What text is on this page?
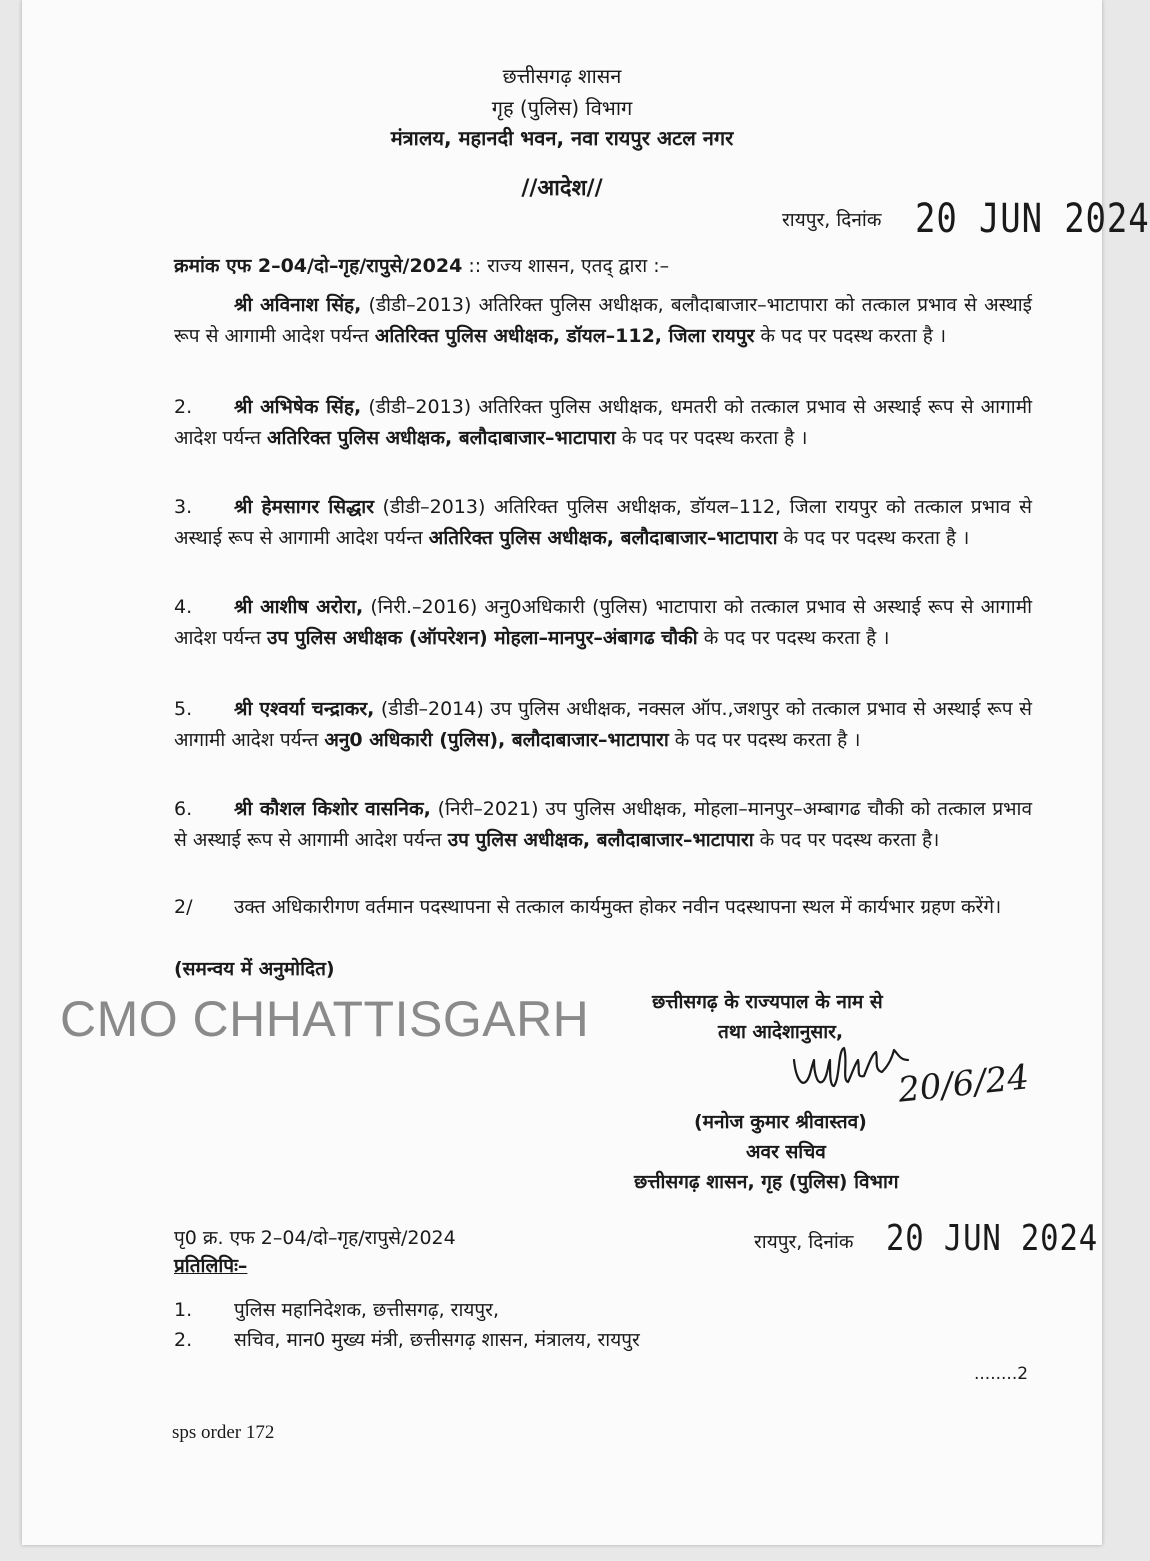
छत्तीसगढ़ शासन
गृह (पुलिस) विभाग
मंत्रालय, महानदी भवन, नवा रायपुर अटल नगर
//आदेश//
रायपुर, दिनांक 20 JUN 2024
क्रमांक एफ 2–04/दो–गृह/रापुसे/2024 :: राज्य शासन, एतद् द्वारा :–
श्री अविनाश सिंह, (डीडी–2013) अतिरिक्त पुलिस अधीक्षक, बलौदाबाजार–भाटापारा को तत्काल प्रभाव से अस्थाई रूप से आगामी आदेश पर्यन्त अतिरिक्त पुलिस अधीक्षक, डॉयल–112, जिला रायपुर के पद पर पदस्थ करता है ।
2. श्री अभिषेक सिंह, (डीडी–2013) अतिरिक्त पुलिस अधीक्षक, धमतरी को तत्काल प्रभाव से अस्थाई रूप से आगामी आदेश पर्यन्त अतिरिक्त पुलिस अधीक्षक, बलौदाबाजार–भाटापारा के पद पर पदस्थ करता है ।
3. श्री हेमसागर सिद्धार (डीडी–2013) अतिरिक्त पुलिस अधीक्षक, डॉयल–112, जिला रायपुर को तत्काल प्रभाव से अस्थाई रूप से आगामी आदेश पर्यन्त अतिरिक्त पुलिस अधीक्षक, बलौदाबाजार–भाटापारा के पद पर पदस्थ करता है ।
4. श्री आशीष अरोरा, (निरी.–2016) अनु0अधिकारी (पुलिस) भाटापारा को तत्काल प्रभाव से अस्थाई रूप से आगामी आदेश पर्यन्त उप पुलिस अधीक्षक (ऑपरेशन) मोहला–मानपुर–अंबागढ चौकी के पद पर पदस्थ करता है ।
5. श्री एश्वर्या चन्द्राकर, (डीडी–2014) उप पुलिस अधीक्षक, नक्सल ऑप.,जशपुर को तत्काल प्रभाव से अस्थाई रूप से आगामी आदेश पर्यन्त अनु0 अधिकारी (पुलिस), बलौदाबाजार–भाटापारा के पद पर पदस्थ करता है ।
6. श्री कौशल किशोर वासनिक, (निरी–2021) उप पुलिस अधीक्षक, मोहला–मानपुर–अम्बागढ चौकी को तत्काल प्रभाव से अस्थाई रूप से आगामी आदेश पर्यन्त उप पुलिस अधीक्षक, बलौदाबाजार–भाटापारा के पद पर पदस्थ करता है।
2/ उक्त अधिकारीगण वर्तमान पदस्थापना से तत्काल कार्यमुक्त होकर नवीन पदस्थापना स्थल में कार्यभार ग्रहण करेंगे।
(समन्वय में अनुमोदित)
CMO CHHATTISGARH	छत्तीसगढ़ के राज्यपाल के नाम से
तथा आदेशानुसार,
20/6/24
(मनोज कुमार श्रीवास्तव)
अवर सचिव
छत्तीसगढ़ शासन, गृह (पुलिस) विभाग
पृ0 क्र. एफ 2–04/दो–गृह/रापुसे/2024	रायपुर, दिनांक 20 JUN 2024
प्रतिलिपिः–
1. पुलिस महानिदेशक, छत्तीसगढ़, रायपुर,
2. सचिव, मान0 मुख्य मंत्री, छत्तीसगढ़ शासन, मंत्रालय, रायपुर
........2
sps order 172
